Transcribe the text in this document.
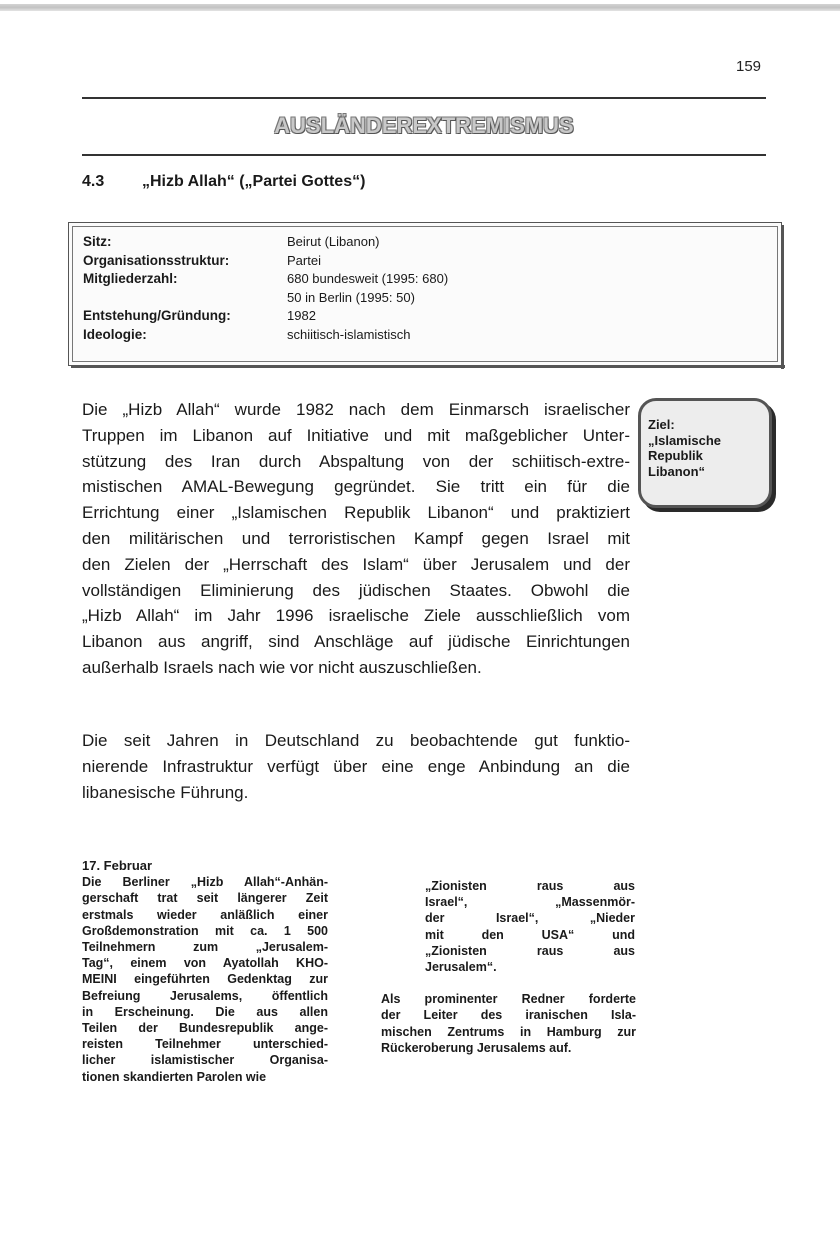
159
AUSLÄNDEREXTREMISMUS
4.3 „Hizb Allah“ („Partei Gottes“)
Sitz:	Beirut (Libanon)
Organisationsstruktur:	Partei
Mitgliederzahl:	680 bundesweit (1995: 680)
50 in Berlin (1995: 50)
Entstehung/Gründung:	1982
Ideologie:	schiitisch-islamistisch
Die „Hizb Allah“ wurde 1982 nach dem Einmarsch israelischer
Truppen im Libanon auf Initiative und mit maßgeblicher Unter-
stützung des Iran durch Abspaltung von der schiitisch-extre-
mistischen AMAL-Bewegung gegründet. Sie tritt ein für die
Errichtung einer „Islamischen Republik Libanon“ und praktiziert
den militärischen und terroristischen Kampf gegen Israel mit
den Zielen der „Herrschaft des Islam“ über Jerusalem und der
vollständigen Eliminierung des jüdischen Staates. Obwohl die
„Hizb Allah“ im Jahr 1996 israelische Ziele ausschließlich vom
Libanon aus angriff, sind Anschläge auf jüdische Einrichtungen
außerhalb Israels nach wie vor nicht auszuschließen.
Ziel:
„Islamische
Republik
Libanon“
Die seit Jahren in Deutschland zu beobachtende gut funktio-
nierende Infrastruktur verfügt über eine enge Anbindung an die
libanesische Führung.
17. Februar
Die Berliner „Hizb Allah“-Anhän-
gerschaft trat seit längerer Zeit
erstmals wieder anläßlich einer
Großdemonstration mit ca. 1 500
Teilnehmern zum „Jerusalem-
Tag“, einem von Ayatollah KHO-
MEINI eingeführten Gedenktag zur
Befreiung Jerusalems, öffentlich
in Erscheinung. Die aus allen
Teilen der Bundesrepublik ange-
reisten Teilnehmer unterschied-
licher islamistischer Organisa-
tionen skandierten Parolen wie
„Zionisten raus aus
Israel“, „Massenmör-
der Israel“, „Nieder
mit den USA“ und
„Zionisten raus aus
Jerusalem“.
Als prominenter Redner forderte
der Leiter des iranischen Isla-
mischen Zentrums in Hamburg zur
Rückeroberung Jerusalems auf.
